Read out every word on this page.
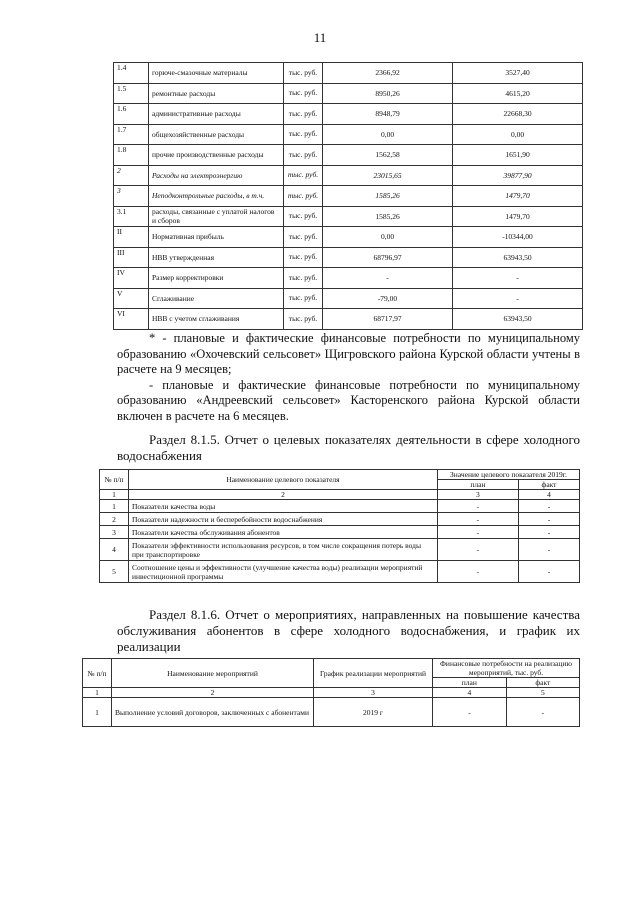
11
1.4	горюче-смазочные материалы	тыс. руб.	2366,92	3527,40
1.5	ремонтные расходы	тыс. руб.	8950,26	4615,20
1.6	административные расходы	тыс. руб.	8948,79	22668,30
1.7	общехозяйственные расходы	тыс. руб.	0,00	0,00
1.8	прочие производственные расходы	тыс. руб.	1562,58	1651,90
2	Расходы на электроэнергию	тыс. руб.	23015,65	39877,90
3	Неподконтрольные расходы, в т.ч.	тыс. руб.	1585,26	1479,70
3.1	расходы, связанные с уплатой налогов и сборов	тыс. руб.	1585,26	1479,70
II	Нормативная прибыль	тыс. руб.	0,00	-10344,00
III	НВВ утвержденная	тыс. руб.	68796,97	63943,50
IV	Размер корректировки	тыс. руб.	-	-
V	Сглаживание	тыс. руб.	-79,00	-
VI	НВВ с учетом сглаживания	тыс. руб.	68717,97	63943,50

* - плановые и фактические финансовые потребности по муниципальному образованию «Охочевский сельсовет» Щигровского района Курской области учтены в расчете на 9 месяцев;

- плановые и фактические финансовые потребности по муниципальному образованию «Андреевский сельсовет» Касторенского района Курской области включен в расчете на 6 месяцев.

Раздел 8.1.5. Отчет о целевых показателях деятельности в сфере холодного водоснабжения
№ п/п	Наименование целевого показателя	Значение целевого показателя 2019г.	
		план	факт
1	2	3	4
1	Показатели качества воды	-	-
2	Показатели надежности и бесперебойности водоснабжения	-	-
3	Показатели качества обслуживания абонентов	-	-
4	Показатели эффективности использования ресурсов, в том числе сокращения потерь воды при транспортировке	-	-
5	Соотношение цены и эффективности (улучшение качества воды) реализации мероприятий инвестиционной программы	-	-
Раздел 8.1.6. Отчет о мероприятиях, направленных на повышение качества обслуживания абонентов в сфере холодного водоснабжения, и график их реализации
№ п/п	Наименование мероприятий	График реализации мероприятий	Финансовые потребности на реализацию мероприятий, тыс. руб.	
			план	факт
1	2	3	4	5
1	Выполнение условий договоров, заключенных с абонентами	2019 г	-	-
